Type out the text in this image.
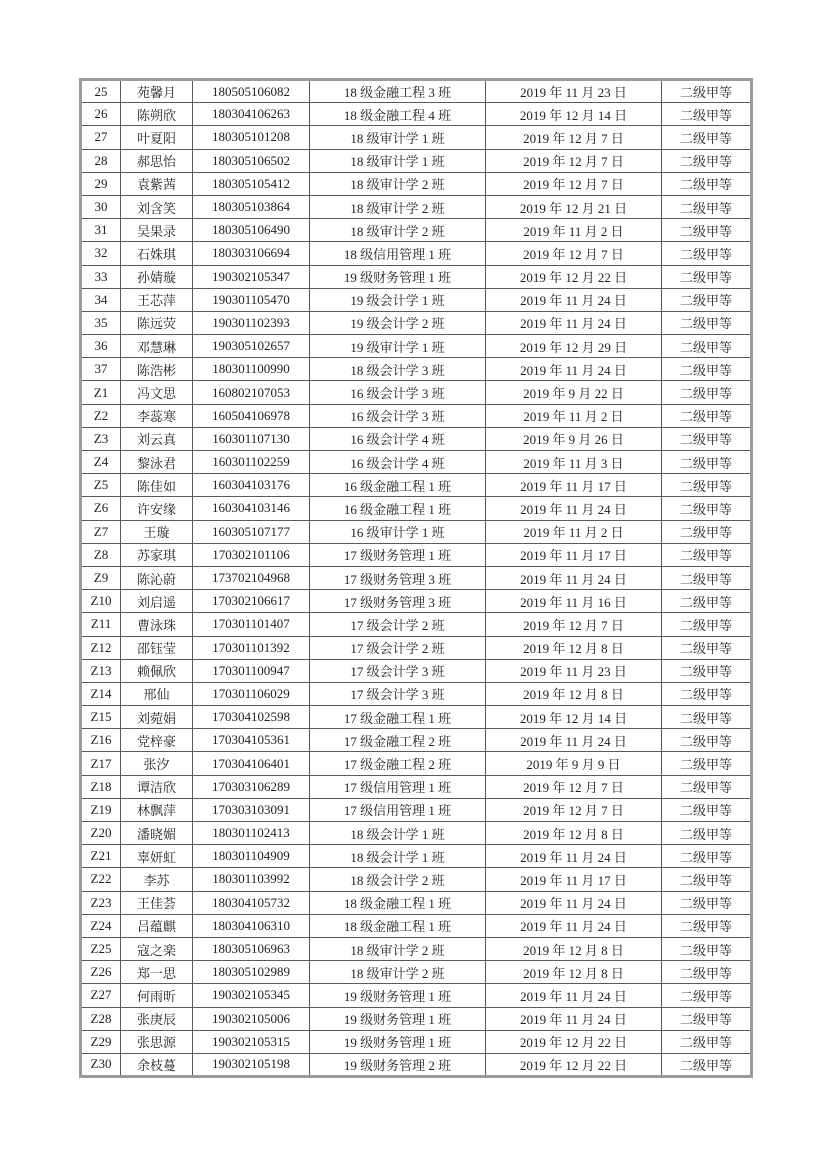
25	苑馨月	180505106082	18 级金融工程 3 班	2019 年 11 月 23 日	二级甲等
26	陈朔欣	180304106263	18 级金融工程 4 班	2019 年 12 月 14 日	二级甲等
27	叶夏阳	180305101208	18 级审计学 1 班	2019 年 12 月 7 日	二级甲等
28	郝思怡	180305106502	18 级审计学 1 班	2019 年 12 月 7 日	二级甲等
29	袁紫茜	180305105412	18 级审计学 2 班	2019 年 12 月 7 日	二级甲等
30	刘含笑	180305103864	18 级审计学 2 班	2019 年 12 月 21 日	二级甲等
31	吴果录	180305106490	18 级审计学 2 班	2019 年 11 月 2 日	二级甲等
32	石姝琪	180303106694	18 级信用管理 1 班	2019 年 12 月 7 日	二级甲等
33	孙婧璇	190302105347	19 级财务管理 1 班	2019 年 12 月 22 日	二级甲等
34	王芯萍	190301105470	19 级会计学 1 班	2019 年 11 月 24 日	二级甲等
35	陈远荧	190301102393	19 级会计学 2 班	2019 年 11 月 24 日	二级甲等
36	邓慧琳	190305102657	19 级审计学 1 班	2019 年 12 月 29 日	二级甲等
37	陈浩彬	180301100990	18 级会计学 3 班	2019 年 11 月 24 日	二级甲等
Z1	冯文思	160802107053	16 级会计学 3 班	2019 年 9 月 22 日	二级甲等
Z2	李蕊寒	160504106978	16 级会计学 3 班	2019 年 11 月 2 日	二级甲等
Z3	刘云真	160301107130	16 级会计学 4 班	2019 年 9 月 26 日	二级甲等
Z4	黎泳君	160301102259	16 级会计学 4 班	2019 年 11 月 3 日	二级甲等
Z5	陈佳如	160304103176	16 级金融工程 1 班	2019 年 11 月 17 日	二级甲等
Z6	许安缘	160304103146	16 级金融工程 1 班	2019 年 11 月 24 日	二级甲等
Z7	王璇	160305107177	16 级审计学 1 班	2019 年 11 月 2 日	二级甲等
Z8	苏家琪	170302101106	17 级财务管理 1 班	2019 年 11 月 17 日	二级甲等
Z9	陈沁蔚	173702104968	17 级财务管理 3 班	2019 年 11 月 24 日	二级甲等
Z10	刘启遥	170302106617	17 级财务管理 3 班	2019 年 11 月 16 日	二级甲等
Z11	曹泳珠	170301101407	17 级会计学 2 班	2019 年 12 月 7 日	二级甲等
Z12	邵钰莹	170301101392	17 级会计学 2 班	2019 年 12 月 8 日	二级甲等
Z13	赖佩欣	170301100947	17 级会计学 3 班	2019 年 11 月 23 日	二级甲等
Z14	邢仙	170301106029	17 级会计学 3 班	2019 年 12 月 8 日	二级甲等
Z15	刘菀娟	170304102598	17 级金融工程 1 班	2019 年 12 月 14 日	二级甲等
Z16	党梓豪	170304105361	17 级金融工程 2 班	2019 年 11 月 24 日	二级甲等
Z17	张汐	170304106401	17 级金融工程 2 班	2019 年 9 月 9 日	二级甲等
Z18	谭洁欣	170303106289	17 级信用管理 1 班	2019 年 12 月 7 日	二级甲等
Z19	林飘萍	170303103091	17 级信用管理 1 班	2019 年 12 月 7 日	二级甲等
Z20	潘晓媚	180301102413	18 级会计学 1 班	2019 年 12 月 8 日	二级甲等
Z21	辜妍虹	180301104909	18 级会计学 1 班	2019 年 11 月 24 日	二级甲等
Z22	李苏	180301103992	18 级会计学 2 班	2019 年 11 月 17 日	二级甲等
Z23	王佳荟	180304105732	18 级金融工程 1 班	2019 年 11 月 24 日	二级甲等
Z24	吕蕴麒	180304106310	18 级金融工程 1 班	2019 年 11 月 24 日	二级甲等
Z25	寇之楽	180305106963	18 级审计学 2 班	2019 年 12 月 8 日	二级甲等
Z26	郑一思	180305102989	18 级审计学 2 班	2019 年 12 月 8 日	二级甲等
Z27	何雨昕	190302105345	19 级财务管理 1 班	2019 年 11 月 24 日	二级甲等
Z28	张庚辰	190302105006	19 级财务管理 1 班	2019 年 11 月 24 日	二级甲等
Z29	张思源	190302105315	19 级财务管理 1 班	2019 年 12 月 22 日	二级甲等
Z30	余枝蔓	190302105198	19 级财务管理 2 班	2019 年 12 月 22 日	二级甲等
